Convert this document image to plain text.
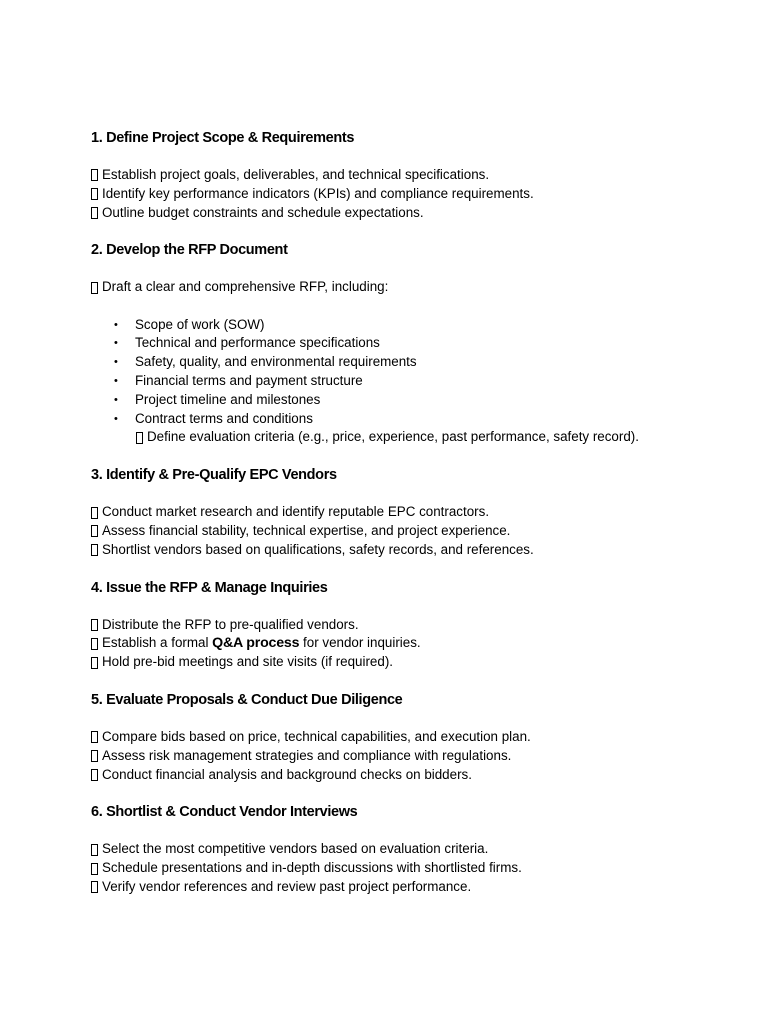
1. Define Project Scope & Requirements
Establish project goals, deliverables, and technical specifications.
Identify key performance indicators (KPIs) and compliance requirements.
Outline budget constraints and schedule expectations.
2. Develop the RFP Document
Draft a clear and comprehensive RFP, including:
• Scope of work (SOW)
• Technical and performance specifications
• Safety, quality, and environmental requirements
• Financial terms and payment structure
• Project timeline and milestones
• Contract terms and conditions
Define evaluation criteria (e.g., price, experience, past performance, safety record).
3. Identify & Pre-Qualify EPC Vendors
Conduct market research and identify reputable EPC contractors.
Assess financial stability, technical expertise, and project experience.
Shortlist vendors based on qualifications, safety records, and references.
4. Issue the RFP & Manage Inquiries
Distribute the RFP to pre-qualified vendors.
Establish a formal Q&A process for vendor inquiries.
Hold pre-bid meetings and site visits (if required).
5. Evaluate Proposals & Conduct Due Diligence
Compare bids based on price, technical capabilities, and execution plan.
Assess risk management strategies and compliance with regulations.
Conduct financial analysis and background checks on bidders.
6. Shortlist & Conduct Vendor Interviews
Select the most competitive vendors based on evaluation criteria.
Schedule presentations and in-depth discussions with shortlisted firms.
Verify vendor references and review past project performance.
